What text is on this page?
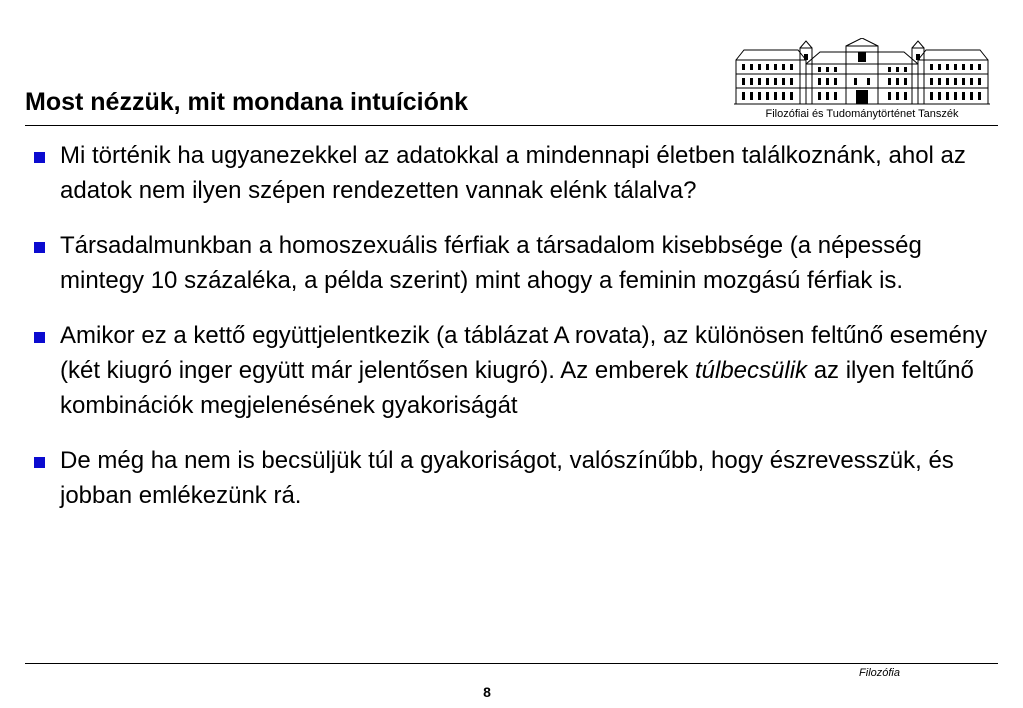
Filozófiai és Tudománytörténet Tanszék
Most nézzük, mit mondana intuíciónk
Mi történik ha ugyanezekkel az adatokkal a mindennapi életben találkoznánk, ahol az adatok nem ilyen szépen rendezetten vannak elénk tálalva?
Társadalmunkban a homoszexuális férfiak a társadalom kisebbsége (a népesség mintegy 10 százaléka, a példa szerint) mint ahogy a feminin mozgású férfiak is.
Amikor ez a kettő együttjelentkezik (a táblázat A rovata), az különösen feltűnő esemény (két kiugró inger együtt már jelentősen kiugró). Az emberek túlbecsülik az ilyen feltűnő kombinációk megjelenésének gyakoriságát
De még ha nem is becsüljük túl a gyakoriságot, valószínűbb, hogy észrevesszük, és jobban emlékezünk rá.
Filozófia
8
